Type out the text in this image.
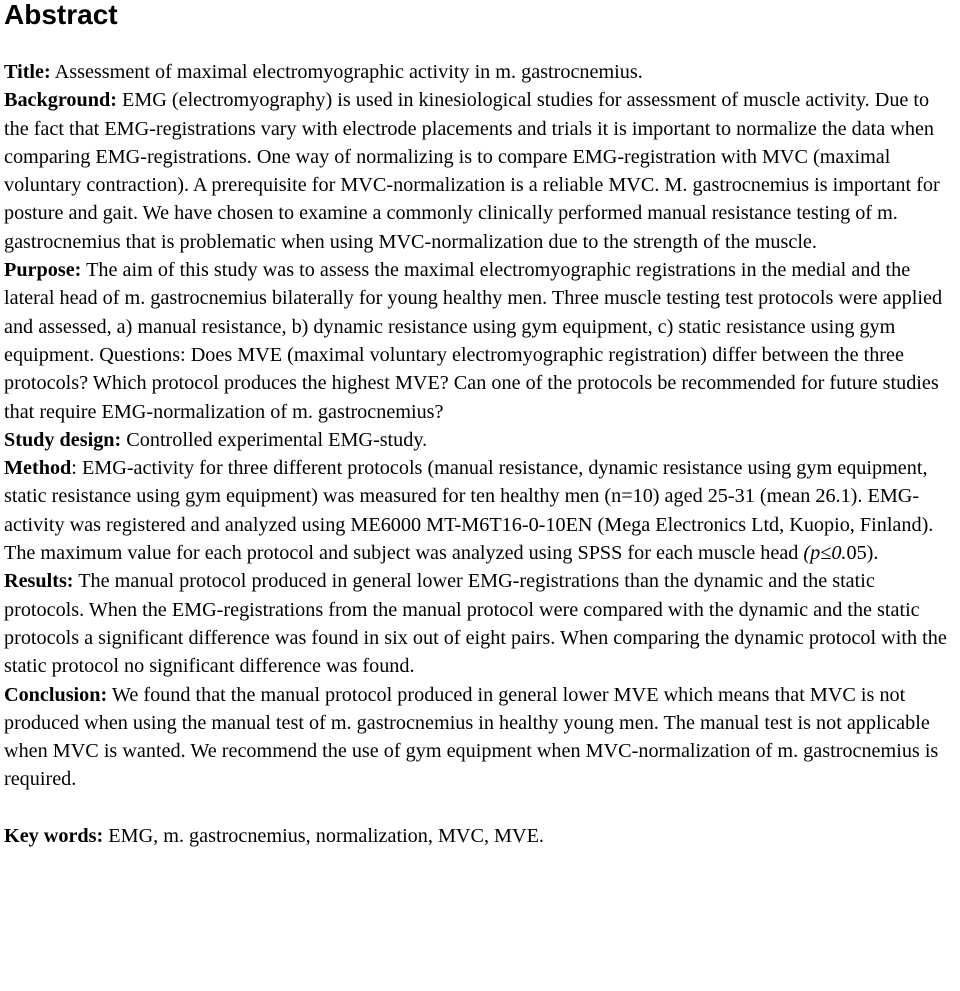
Abstract

Title: Assessment of maximal electromyographic activity in m. gastrocnemius.

Background: EMG (electromyography) is used in kinesiological studies for assessment of muscle activity. Due to the fact that EMG-registrations vary with electrode placements and trials it is important to normalize the data when comparing EMG-registrations. One way of normalizing is to compare EMG-registration with MVC (maximal voluntary contraction). A prerequisite for MVC-normalization is a reliable MVC. M. gastrocnemius is important for posture and gait. We have chosen to examine a commonly clinically performed manual resistance testing of m. gastrocnemius that is problematic when using MVC-normalization due to the strength of the muscle.

Purpose: The aim of this study was to assess the maximal electromyographic registrations in the medial and the lateral head of m. gastrocnemius bilaterally for young healthy men. Three muscle testing test protocols were applied and assessed, a) manual resistance, b) dynamic resistance using gym equipment, c) static resistance using gym equipment. Questions: Does MVE (maximal voluntary electromyographic registration) differ between the three protocols? Which protocol produces the highest MVE? Can one of the protocols be recommended for future studies that require EMG-normalization of m. gastrocnemius?

Study design: Controlled experimental EMG-study.

Method: EMG-activity for three different protocols (manual resistance, dynamic resistance using gym equipment, static resistance using gym equipment) was measured for ten healthy men (n=10) aged 25-31 (mean 26.1). EMG-activity was registered and analyzed using ME6000 MT-M6T16-0-10EN (Mega Electronics Ltd, Kuopio, Finland). The maximum value for each protocol and subject was analyzed using SPSS for each muscle head (p≤0.05).

Results: The manual protocol produced in general lower EMG-registrations than the dynamic and the static protocols. When the EMG-registrations from the manual protocol were compared with the dynamic and the static protocols a significant difference was found in six out of eight pairs. When comparing the dynamic protocol with the static protocol no significant difference was found.

Conclusion: We found that the manual protocol produced in general lower MVE which means that MVC is not produced when using the manual test of m. gastrocnemius in healthy young men. The manual test is not applicable when MVC is wanted. We recommend the use of gym equipment when MVC-normalization of m. gastrocnemius is required.

Key words: EMG, m. gastrocnemius, normalization, MVC, MVE.
